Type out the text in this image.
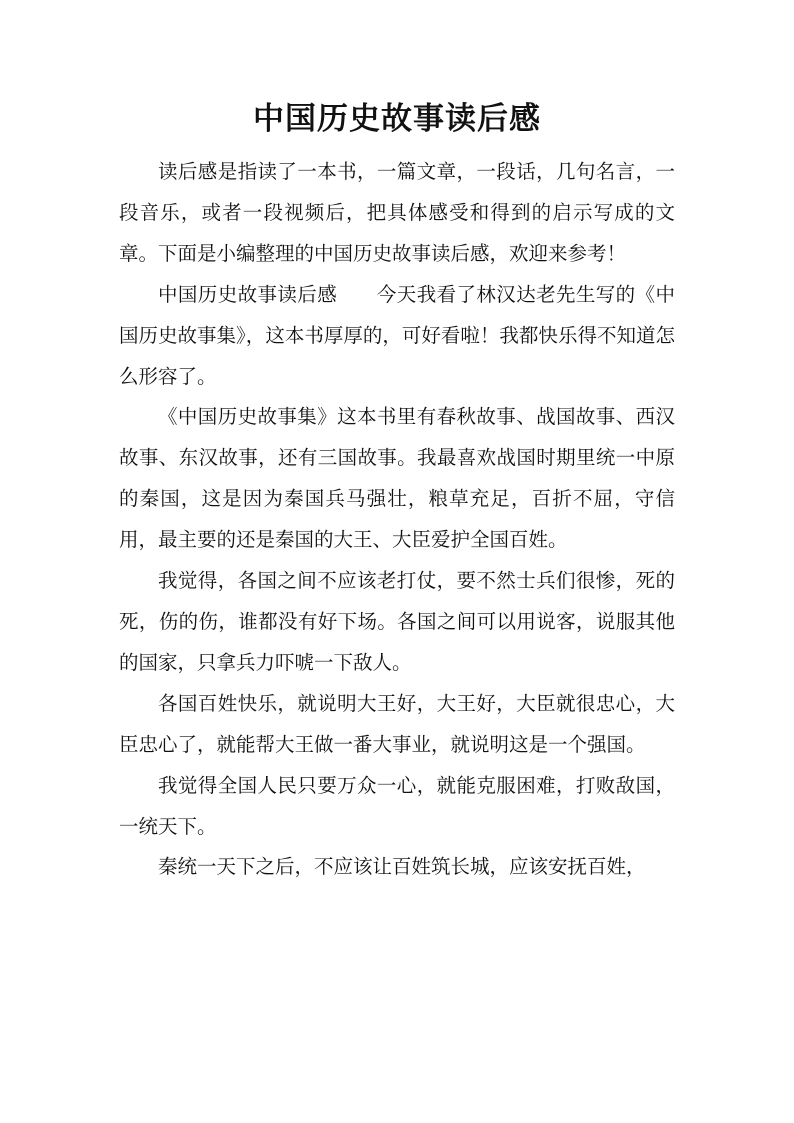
中国历史故事读后感

读后感是指读了一本书，一篇文章，一段话，几句名言，一段音乐，或者一段视频后，把具体感受和得到的启示写成的文章。下面是小编整理的中国历史故事读后感，欢迎来参考！

中国历史故事读后感　　今天我看了林汉达老先生写的《中国历史故事集》，这本书厚厚的，可好看啦！我都快乐得不知道怎么形容了。

《中国历史故事集》这本书里有春秋故事、战国故事、西汉故事、东汉故事，还有三国故事。我最喜欢战国时期里统一中原的秦国，这是因为秦国兵马强壮，粮草充足，百折不屈，守信用，最主要的还是秦国的大王、大臣爱护全国百姓。

我觉得，各国之间不应该老打仗，要不然士兵们很惨，死的死，伤的伤，谁都没有好下场。各国之间可以用说客，说服其他的国家，只拿兵力吓唬一下敌人。

各国百姓快乐，就说明大王好，大王好，大臣就很忠心，大臣忠心了，就能帮大王做一番大事业，就说明这是一个强国。

我觉得全国人民只要万众一心，就能克服困难，打败敌国，一统天下。

秦统一天下之后，不应该让百姓筑长城，应该安抚百姓，
